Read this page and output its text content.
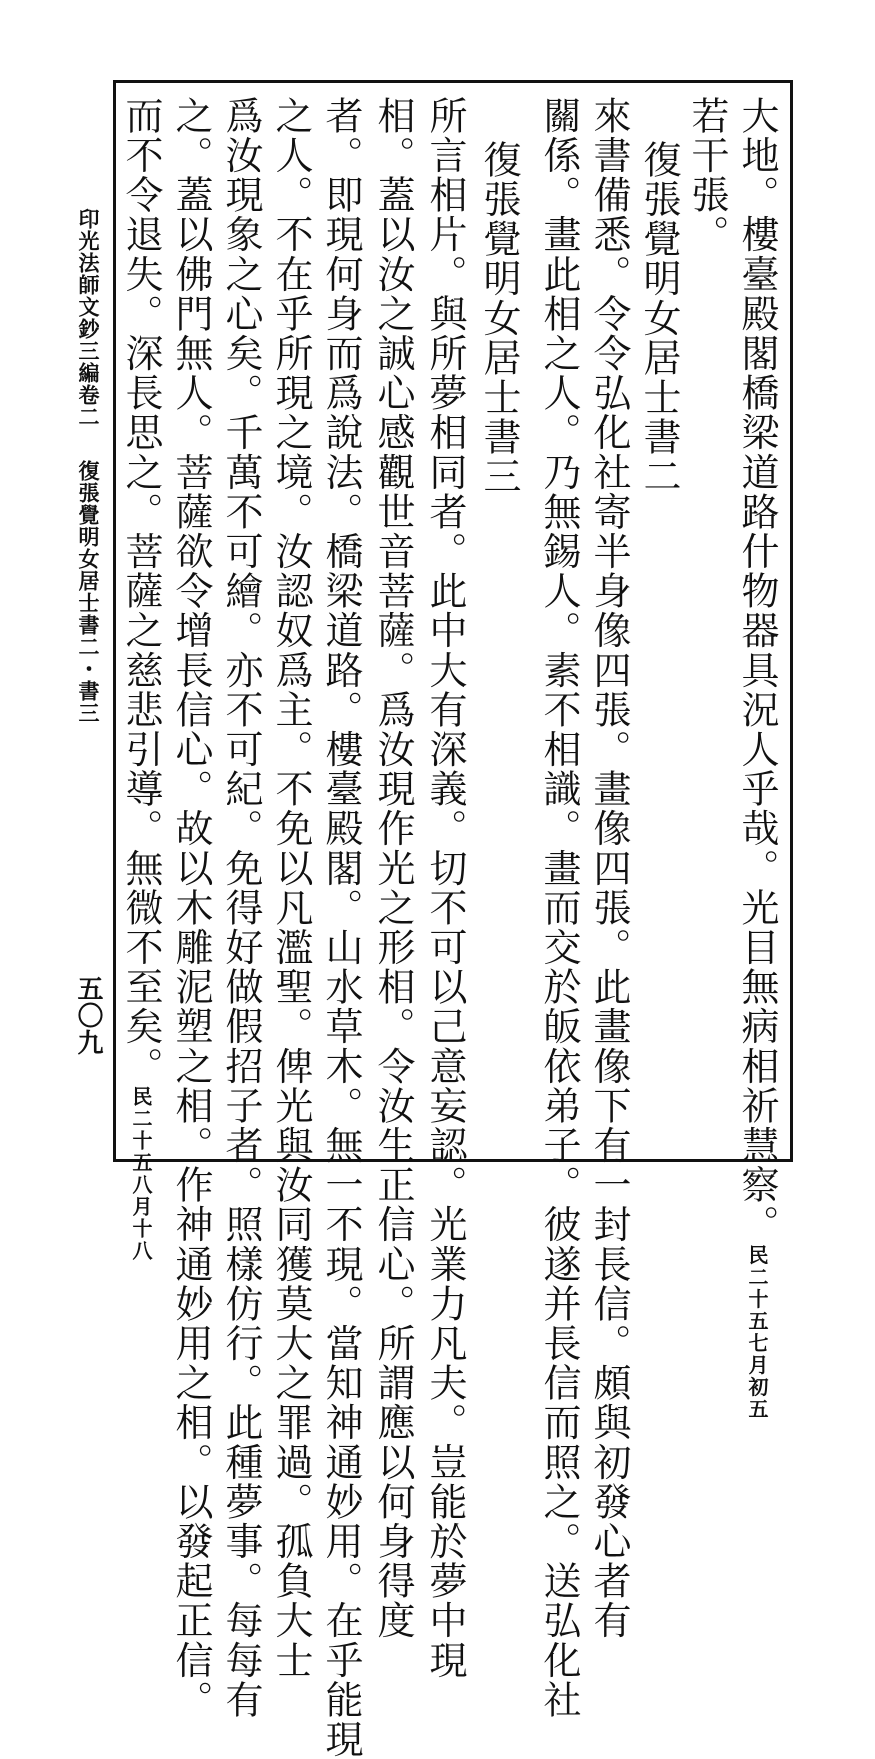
印光法師文鈔三編卷二
復張覺明女居士書二・書三
五〇九	大地。樓臺殿閣橋梁道路什物器具況人乎哉。光目無病相祈慧察。民二十五七月初五
若干張。
復張覺明女居士書二
來書備悉。令令弘化社寄半身像四張。畫像四張。此畫像下有一封長信。頗與初發心者有
關係。畫此相之人。乃無錫人。素不相識。畫而交於皈依弟子。彼遂并長信而照之。送弘化社
復張覺明女居士書三
所言相片。與所夢相同者。此中大有深義。切不可以己意妄認。光業力凡夫。豈能於夢中現
相。蓋以汝之誠心感觀世音菩薩。爲汝現作光之形相。令汝生正信心。所謂應以何身得度
者。即現何身而爲說法。橋梁道路。樓臺殿閣。山水草木。無一不現。當知神通妙用。在乎能現
之人。不在乎所現之境。汝認奴爲主。不免以凡濫聖。俾光與汝同獲莫大之罪過。孤負大士
爲汝現象之心矣。千萬不可繪。亦不可紀。免得好做假招子者。照樣仿行。此種夢事。每每有
之。蓋以佛門無人。菩薩欲令增長信心。故以木雕泥塑之相。作神通妙用之相。以發起正信。
而不令退失。深長思之。菩薩之慈悲引導。無微不至矣。民二十五八月十八
